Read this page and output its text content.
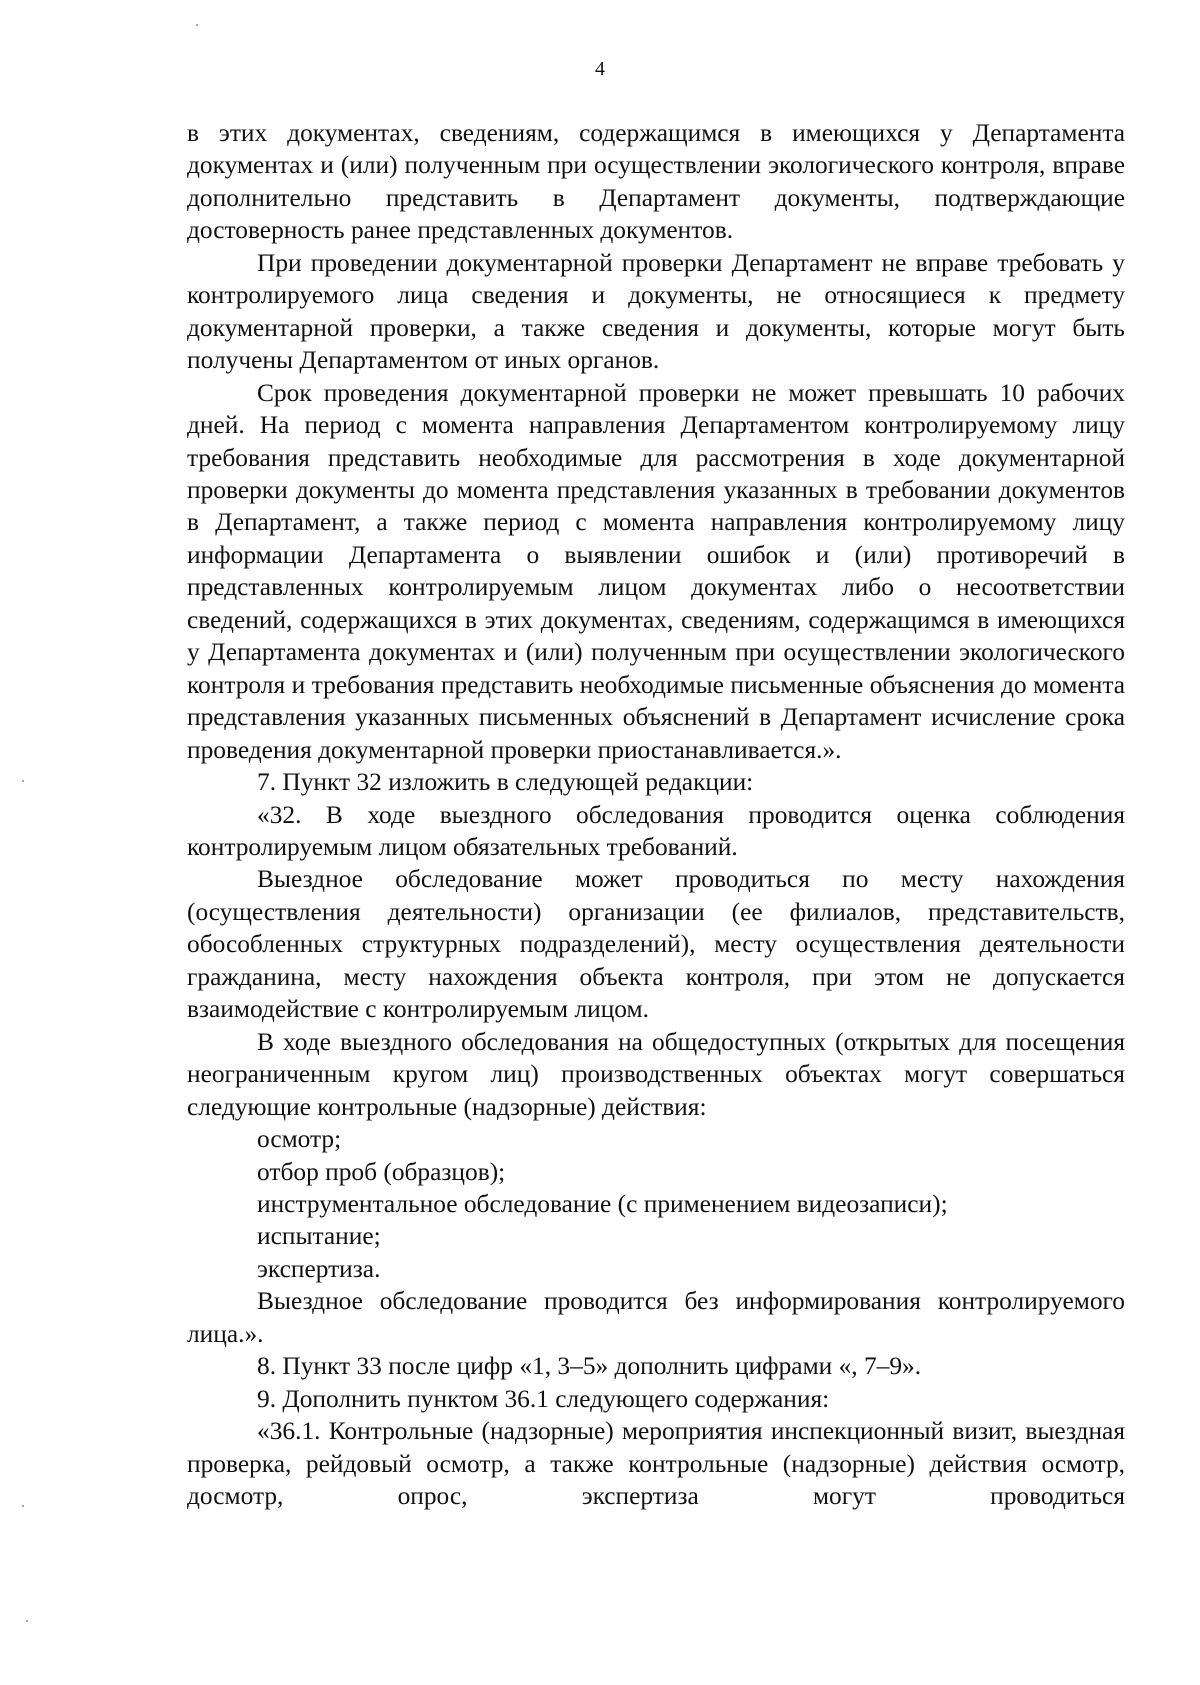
4

в этих документах, сведениям, содержащимся в имеющихся у Департамента документах и (или) полученным при осуществлении экологического контроля, вправе дополнительно представить в Департамент документы, подтверждающие достоверность ранее представленных документов.

При проведении документарной проверки Департамент не вправе требовать у контролируемого лица сведения и документы, не относящиеся к предмету документарной проверки, а также сведения и документы, которые могут быть получены Департаментом от иных органов.

Срок проведения документарной проверки не может превышать 10 рабочих дней. На период с момента направления Департаментом контролируемому лицу требования представить необходимые для рассмотрения в ходе документарной проверки документы до момента представления указанных в требовании документов в Департамент, а также период с момента направления контролируемому лицу информации Департамента о выявлении ошибок и (или) противоречий в представленных контролируемым лицом документах либо о несоответствии сведений, содержащихся в этих документах, сведениям, содержащимся в имеющихся у Департамента документах и (или) полученным при осуществлении экологического контроля и требования представить необходимые письменные объяснения до момента представления указанных письменных объяснений в Департамент исчисление срока проведения документарной проверки приостанавливается.».

7. Пункт 32 изложить в следующей редакции:

«32. В ходе выездного обследования проводится оценка соблюдения контролируемым лицом обязательных требований.

Выездное обследование может проводиться по месту нахождения (осуществления деятельности) организации (ее филиалов, представительств, обособленных структурных подразделений), месту осуществления деятельности гражданина, месту нахождения объекта контроля, при этом не допускается взаимодействие с контролируемым лицом.

В ходе выездного обследования на общедоступных (открытых для посещения неограниченным кругом лиц) производственных объектах могут совершаться следующие контрольные (надзорные) действия:

осмотр;

отбор проб (образцов);

инструментальное обследование (с применением видеозаписи);

испытание;

экспертиза.

Выездное обследование проводится без информирования контролируемого лица.».

8. Пункт 33 после цифр «1, 3–5» дополнить цифрами «, 7–9».

9. Дополнить пунктом 36.1 следующего содержания:

«36.1. Контрольные (надзорные) мероприятия инспекционный визит, выездная проверка, рейдовый осмотр, а также контрольные (надзорные) действия осмотр, досмотр, опрос, экспертиза могут проводиться
